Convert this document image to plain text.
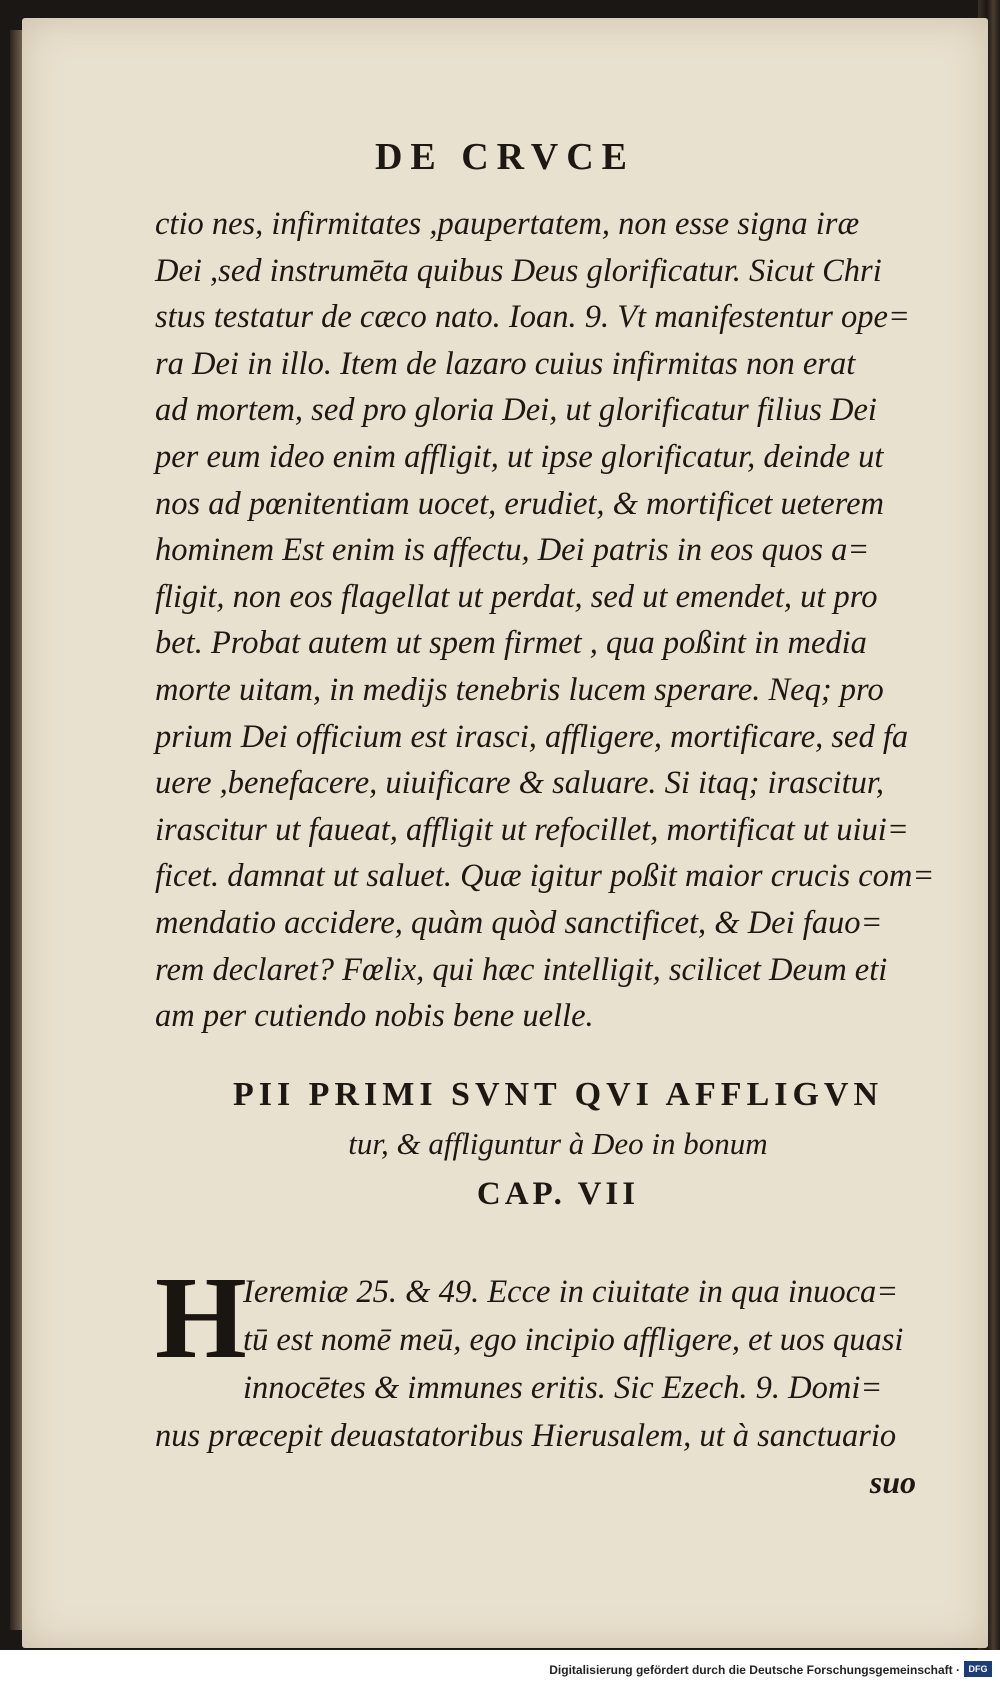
DE CRVCE
ctio nes, infirmitates ,paupertatem, non esse signa iræ
Dei ,sed instrumēta quibus Deus glorificatur. Sicut Chri
stus testatur de cæco nato. Ioan. 9. Vt manifestentur ope=
ra Dei in illo. Item de lazaro cuius infirmitas non erat
ad mortem, sed pro gloria Dei, ut glorificatur filius Dei
per eum ideo enim affligit, ut ipse glorificatur, deinde ut
nos ad pœnitentiam uocet, erudiet, & mortificet ueterem
hominem Est enim is affectu, Dei patris in eos quos a=
fligit, non eos flagellat ut perdat, sed ut emendet, ut pro
bet. Probat autem ut spem firmet , qua poßint in media
morte uitam, in medijs tenebris lucem sperare. Neq; pro
prium Dei officium est irasci, affligere, mortificare, sed fa
uere ,benefacere, uiuificare & saluare. Si itaq; irascitur,
irascitur ut faueat, affligit ut refocillet, mortificat ut uiui=
ficet. damnat ut saluet. Quæ igitur poßit maior crucis com=
mendatio accidere, quàm quòd sanctificet, & Dei fauo=
rem declaret? Fœlix, qui hæc intelligit, scilicet Deum eti
am per cutiendo nobis bene uelle.
PII PRIMI SVNT QVI AFFLIGVN
tur, & affliguntur à Deo in bonum
CAP. VII
H
Ieremiæ 25. & 49. Ecce in ciuitate in qua inuoca=
tū est nomē meū, ego incipio affligere, et uos quasi
innocētes & immunes eritis. Sic Ezech. 9. Domi=
nus præcepit deuastatoribus Hierusalem, ut à sanctuario
suo
Digitalisierung gefördert durch die Deutsche Forschungsgemeinschaft · DFG
